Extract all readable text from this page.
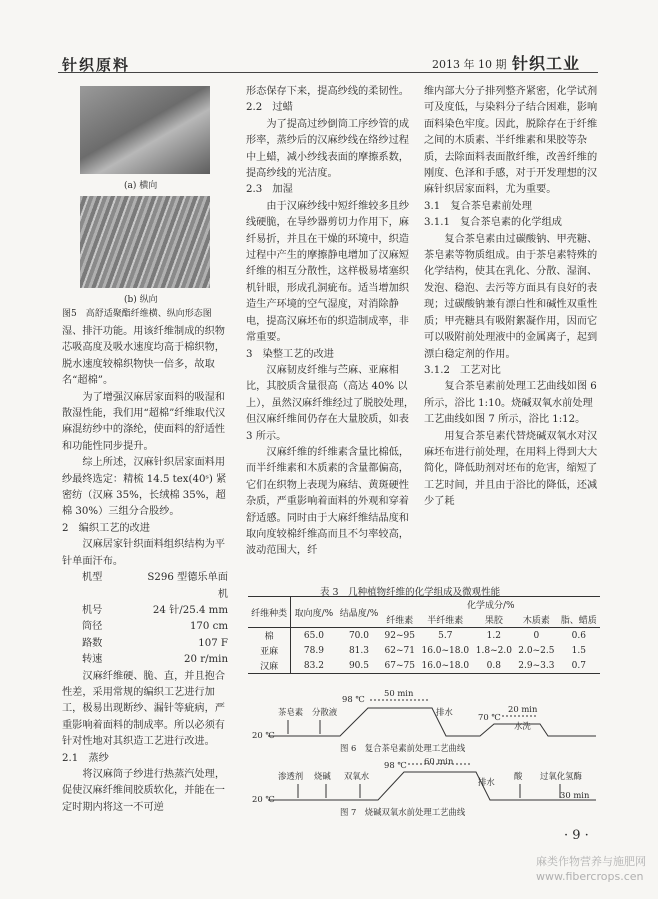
针织原料	2013 年 10 期 针织工业
(a) 横向
(b) 纵向

图5　高舒适聚酯纤维横、纵向形态图

湿、排汗功能。用该纤维制成的织物芯吸高度及吸水速度均高于棉织物，脱水速度较棉织物快一倍多，故取名“超棉”。

为了增强汉麻居家面料的吸湿和散湿性能，我们用“超棉”纤维取代汉麻混纺纱中的涤纶，使面料的舒适性和功能性同步提升。

综上所述，汉麻针织居家面料用纱最终选定：精梳 14.5 tex(40ˢ) 紧密纺（汉麻 35%，长绒棉 35%，超棉 30%）三组分合股纱。

2　编织工艺的改进

汉麻居家针织面料组织结构为平针单面汗布。

机型	S296 型德乐单面机
机号	24 针/25.4 mm
筒径	170 cm
路数	107 F
转速	20 r/min

汉麻纤维硬、脆、直，并且抱合性差，采用常规的编织工艺进行加工，极易出现断纱、漏针等疵病，严重影响着面料的制成率。所以必须有针对性地对其织造工艺进行改进。

2.1　蒸纱

将汉麻筒子纱进行热蒸汽处理，促使汉麻纤维间胶质软化，并能在一定时期内将这一不可逆

形态保存下来，提高纱线的柔韧性。

2.2　过蜡

为了提高过纱倒筒工序纱管的成形率，蒸纱后的汉麻纱线在络纱过程中上蜡，减小纱线表面的摩擦系数，提高纱线的光洁度。

2.3　加湿

由于汉麻纱线中短纤维较多且纱线硬脆，在导纱器剪切力作用下，麻纤易折，并且在干燥的环境中，织造过程中产生的摩擦静电增加了汉麻短纤维的相互分散性，这样极易堵塞织机针眼，形成孔洞疵布。适当增加织造生产环境的空气湿度，对消除静电，提高汉麻坯布的织造制成率，非常重要。

3　染整工艺的改进

汉麻韧皮纤维与苎麻、亚麻相比，其胶质含量很高（高达 40% 以上），虽然汉麻纤维经过了脱胶处理，但汉麻纤维间仍存在大量胶质，如表 3 所示。

汉麻纤维的纤维素含量比棉低，而半纤维素和木质素的含量都偏高，它们在织物上表现为麻结、黄斑硬性杂质，严重影响着面料的外观和穿着舒适感。同时由于大麻纤维结晶度和取向度较棉纤维高而且不匀率较高，波动范围大，纤

维内部大分子排列整齐紧密，化学试剂可及度低，与染料分子结合困难，影响面料染色牢度。因此，脱除存在于纤维之间的木质素、半纤维素和果胶等杂质，去除面料表面散纤维，改善纤维的刚度、色泽和手感，对于开发理想的汉麻针织居家面料，尤为重要。

3.1　复合茶皂素前处理

3.1.1　复合茶皂素的化学组成

复合茶皂素由过碳酸钠、甲壳糖、茶皂素等物质组成。由于茶皂素特殊的化学结构，使其在乳化、分散、湿润、发泡、稳泡、去污等方面具有良好的表现；过碳酸钠兼有漂白性和碱性双重性质；甲壳糖具有吸附絮凝作用，因而它可以吸附前处理液中的金属离子，起到漂白稳定剂的作用。

3.1.2　工艺对比

复合茶皂素前处理工艺曲线如图 6 所示，浴比 1:10。烧碱双氧水前处理工艺曲线如图 7 所示，浴比 1:12。

用复合茶皂素代替烧碱双氧水对汉麻坯布进行前处理，在用料上得到大大简化，降低助剂对坯布的危害，缩短了工艺时间，并且由于浴比的降低，还减少了耗

表 3　几种植物纤维的化学组成及微观性能
纤维种类	取向度/%	结晶度/%	化学成分/%				
			纤维素	半纤维素	果胶	木质素	脂、蜡质
棉	65.0	70.0	92~95	5.7	1.2	0	0.6
亚麻	78.9	81.3	62~71	16.0~18.0	1.8~2.0	2.0~2.5	1.5
汉麻	83.2	90.5	67~75	16.0~18.0	0.8	2.9~3.3	0.7
茶皂素 分散液
98 ℃
50 min
排水	70 ℃
20 min
水洗
20 ℃
图 6　复合茶皂素前处理工艺曲线
渗透剂 烧碱 双氧水
98 ℃ 60 min
排水
酸 过氧化氢酶
30 min
20 ℃
图 7　烧碱双氧水前处理工艺曲线
· 9 ·
麻类作物营养与施肥网
www.fibercrops.cen
